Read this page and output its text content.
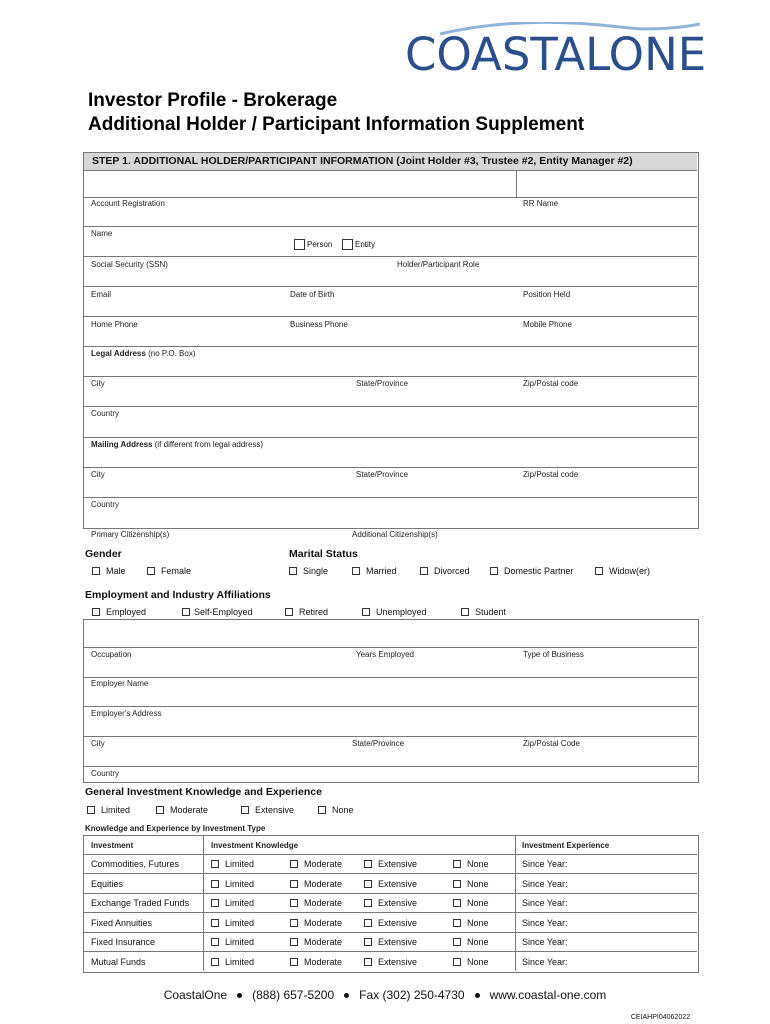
COASTALONE
Investor Profile - Brokerage
Additional Holder / Participant Information Supplement
STEP 1. ADDITIONAL HOLDER/PARTICIPANT INFORMATION (Joint Holder #3, Trustee #2, Entity Manager #2)
Account Registration	RR Name
Name
Person	Entity
Social Security (SSN)	Holder/Participant Role
Email	Date of Birth	Position Held
Home Phone	Business Phone	Mobile Phone
Legal Address (no P.O. Box)
City	State/Province	Zip/Postal code
Country
Mailing Address (if different from legal address)
City	State/Province	Zip/Postal code
Country
Primary Citizenship(s)	Additional Citizenship(s)
Gender	Marital Status
Male	Female	Single	Married	Divorced	Domestic Partner	Widow(er)
Employment and Industry Affiliations
Employed	Self-Employed	Retired	Unemployed	Student
Occupation	Years Employed	Type of Business
Employer Name
Employer's Address
City	State/Province	Zip/Postal Code
Country
General Investment Knowledge and Experience
Limited	Moderate	Extensive	None
Knowledge and Experience by Investment Type
Investment	Investment Knowledge	Investment Experience
Commodities, Futures	Limited	Moderate	Extensive	None	Since Year:
Equities	Limited	Moderate	Extensive	None	Since Year:
Exchange Traded Funds	Limited	Moderate	Extensive	None	Since Year:
Fixed Annuities	Limited	Moderate	Extensive	None	Since Year:
Fixed Insurance	Limited	Moderate	Extensive	None	Since Year:
Mutual Funds	Limited	Moderate	Extensive	None	Since Year:
CoastalOne (888) 657-5200 Fax (302) 250-4730 www.coastal-one.com
CEIAHPI04062022
